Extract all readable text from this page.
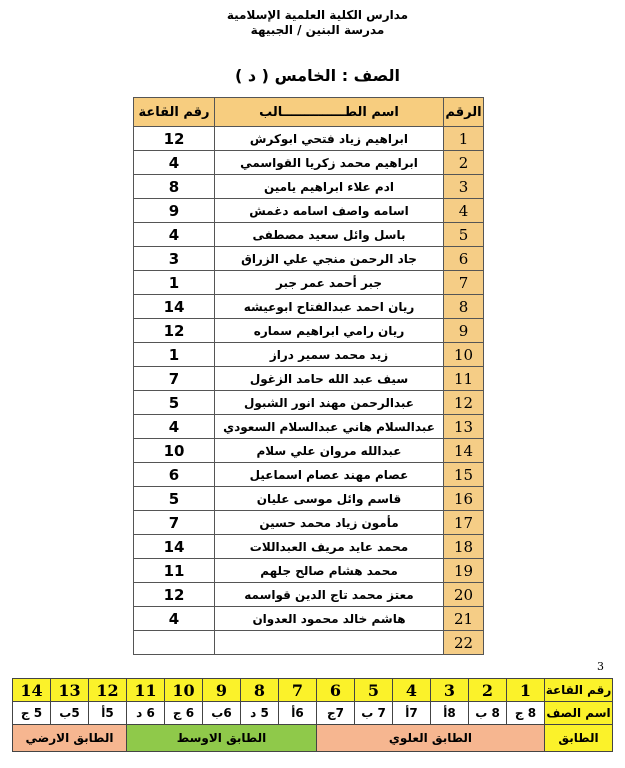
مدارس الكلية العلمية الإسلامية
مدرسة البنين / الجبيهة
الصف : الخامس ( د )
الرقم	اسم الطــــــــــــــالب	رقم القاعة
1	ابراهيم زياد فتحي ابوكرش	12
2	ابراهيم محمد زكريا القواسمي	4
3	ادم علاء ابراهيم يامين	8
4	اسامه واصف اسامه دغمش	9
5	باسل وائل سعيد مصطفى	4
6	جاد الرحمن منجي علي الزراق	3
7	جبر أحمد عمر جبر	1
8	ريان احمد عبدالفتاح ابوعيشه	14
9	ريان رامي ابراهيم سماره	12
10	زيد محمد سمير دراز	1
11	سيف عبد الله حامد الزغول	7
12	عبدالرحمن مهند انور الشبول	5
13	عبدالسلام هاني عبدالسلام السعودي	4
14	عبدالله مروان علي سلام	10
15	عصام مهند عصام اسماعيل	6
16	قاسم وائل موسى عليان	5
17	مأمون زياد محمد حسين	7
18	محمد عايد مريف العبداللات	14
19	محمد هشام صالح جلهم	11
20	معتز محمد تاج الدين قواسمه	12
21	هاشم خالد محمود العدوان	4
22		
3
رقم القاعة	1	2	3	4	5	6	7	8	9	10	11	12	13	14
اسم الصف	8 ج	8 ب	8أ	7أ	7 ب	7ج	6أ	5 د	6ب	6 ج	6 د	5أ	5ب	5 ج
الطابق	الطابق العلوي						الطابق الاوسط					الطابق الارضي		
